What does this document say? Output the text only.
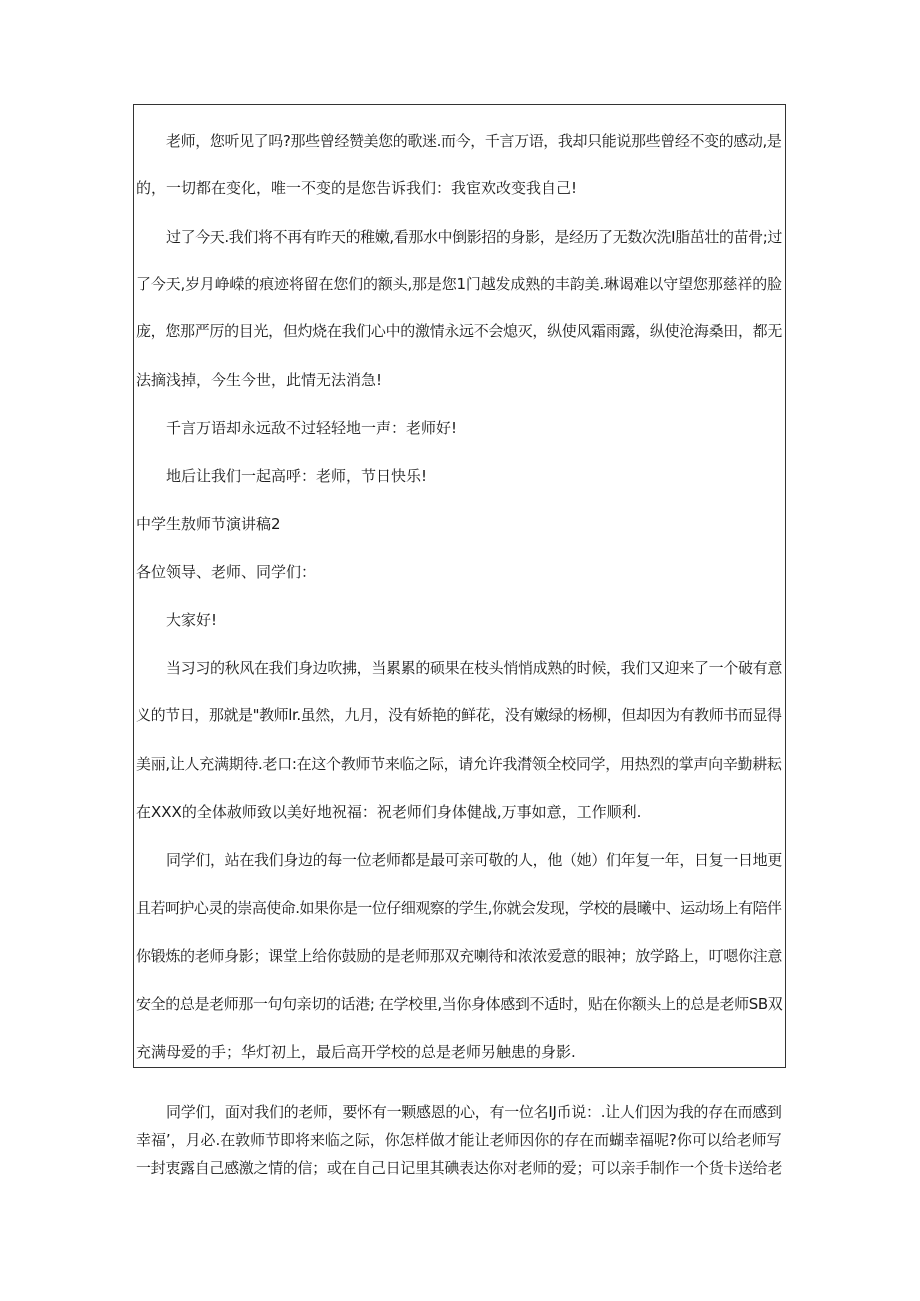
老师，您听见了吗?那些曾经赞美您的歌迷.而今，千言万语，我却只能说那些曾经不变的感动,是
的，一切都在变化，唯一不变的是您告诉我们：我宦欢改变我自己!
过了今天.我们将不再有昨天的稚嫩,看那水中倒影招的身影，是经历了无数次洗I脂茁壮的苗骨;过
了今天,岁月峥嵘的痕迹将留在您们的额头,那是您1门越发成熟的丰韵美.琳谒难以守望您那慈祥的脸
庞，您那严厉的目光，但灼烧在我们心中的激情永远不会熄灭，纵使风霜雨露，纵使沧海桑田，都无
法摘浅掉，今生今世，此情无法消急!
千言万语却永远敌不过轻轻地一声：老师好!
地后让我们一起高呼：老师，节日快乐!
中学生敖师节演讲稿2
各位领导、老师、同学们：
大家好!
当习习的秋风在我们身边吹拂，当累累的硕果在枝头悄悄成熟的时候，我们又迎来了一个破有意
义的节日，那就是"教师lr.虽然，九月，没有娇艳的鲜花，没有嫩绿的杨柳，但却因为有教师书而显得
美丽,让人充满期待.老口:在这个教师节来临之际，请允许我潸领全校同学，用热烈的掌声向辛勤耕耘
在XXX的全体赦师致以美好地祝福：祝老师们身体健战,万事如意，工作顺利.
同学们，站在我们身边的每一位老师都是最可亲可敬的人，他（她）们年复一年，日复一日地更
且若呵护心灵的崇高使命.如果你是一位仔细观察的学生,你就会发现，学校的晨曦中、运动场上有陪伴
你锻炼的老师身影；课堂上给你鼓励的是老师那双充喇待和浓浓爱意的眼神；放学路上，叮嗯你注意
安全的总是老师那一句句亲切的话港; 在学校里,当你身体感到不适时，贴在你额头上的总是老师SB双
充满母爱的手；华灯初上，最后高开学校的总是老师另触患的身影.
同学们，面对我们的老师，要怀有一颗感恩的心，有一位名IJ币说：.让人们因为我的存在而感到
幸福’，月必.在敦师节即将来临之际，你怎样做才能让老师因你的存在而蝴幸福呢?你可以给老师写
一封衷露自己感激之情的信；或在自己日记里其碘表达你对老师的爱；可以亲手制作一个货卡送给老
